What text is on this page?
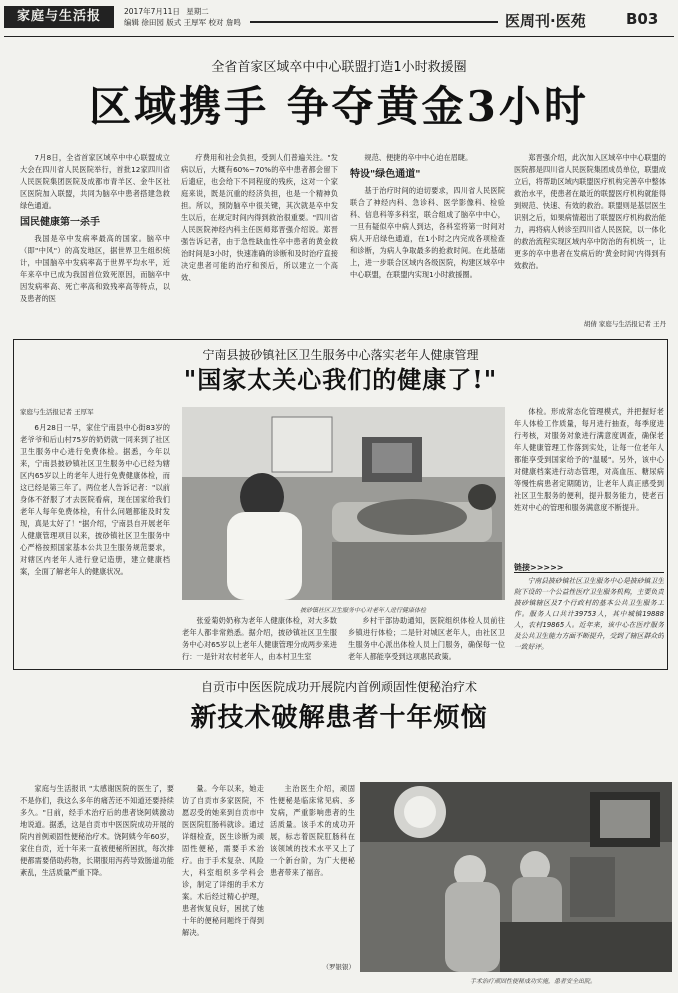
家庭与生活报	2017年7月11日 星期二
编辑 徐田园 版式 王厚军 校对 詹鸣	医周刊·医苑	B03
全省首家区域卒中中心联盟打造1小时救援圈
区域携手 争夺黄金3小时

7月8日，全省首家区域卒中中心联盟成立大会在四川省人民医院举行，首批12家四川省人民医院集团医院及成都市青羊区、金牛区社区医院加入联盟，共同为脑卒中患者搭建急救绿色通道。

国民健康第一杀手

我国是卒中发病率最高的国家。脑卒中（即"中风"）的高发地区，据世界卫生组织统计，中国脑卒中发病率高于世界平均水平，近年来卒中已成为我国首位致死原因，而脑卒中因发病率高、死亡率高和致残率高等特点，以及患者的医

疗费用和社会负担，受到人们普遍关注。"发病以后，大概有60%~70%的卒中患者都会留下后遗症，也会给下不同程度的残疾，这对一个家庭来说，既是沉重的经济负担，也是一个精神负担。所以，预防脑卒中很关键，其次就是卒中发生以后，在规定时间内得到救治很重要。"四川省人民医院神经内科主任医师郑晋强介绍说。郑晋强告诉记者，由于急性缺血性卒中患者的黄金救治时间是3小时，快速准确的诊断和及时治疗直接决定患者可能的治疗和预后，所以建立一个高效、

规范、便捷的卒中中心迫在眉睫。

特设"绿色通道"

基于治疗时间的迫切要求，四川省人民医院联合了神经内科、急诊科、医学影像科、检验科、信息科等多科室，联合组成了脑卒中中心，一旦有疑似卒中病人到达，各科室将第一时间对病人开启绿色通道，在1小时之内完成各项检查和诊断，为病人争取最多的抢救时间。在此基础上，进一步联合区域内各级医院，构建区域卒中中心联盟，在联盟内实现1小时救援圈。

郑晋强介绍，此次加入区域卒中中心联盟的医院都是四川省人民医院集团成员单位，联盟成立后，将帮助区域内联盟医疗机构完善卒中整体救治水平，使患者在最近的联盟医疗机构就能得到规范、快速、有效的救治。联盟则是基层医生识别之后，如果病情超出了联盟医疗机构救治能力，再将病人转诊至四川省人民医院，以一体化的救治流程实现区域内卒中防治的有机统一，让更多的卒中患者在发病后的'黄金时间'内得到有效救治。

胡倩 家庭与生活报记者 王丹
宁南县披砂镇社区卫生服务中心落实老年人健康管理
"国家太关心我们的健康了!"
家庭与生活报记者 王厚军

6月28日一早，家住宁南县中心街83岁的老爷爷和后山村75岁的奶奶就一同来到了社区卫生服务中心进行免费体检。据悉，今年以来，宁南县披砂镇社区卫生服务中心已经为辖区内65岁以上的老年人进行免费健康体检，而这已经是第三年了。两位老人告诉记者："以前身体不舒服了才去医院看病，现在国家给我们老年人每年免费体检，有什么问题都能及时发现，真是太好了！"据介绍，宁南县自开展老年人健康管理项目以来，披砂镇社区卫生服务中心严格按照国家基本公共卫生服务规范要求，对辖区内老年人进行登记造册，建立健康档案，全面了解老年人的健康状况。

披砂镇社区卫生服务中心对老年人进行健康体检

张爱菊奶奶称为老年人健康体检，对大多数老年人都非常熟悉。据介绍，披砂镇社区卫生服务中心对65岁以上老年人健康管理分成两步来进行：一是针对农村老年人，由本村卫生室

乡村干部协助通知，医院组织体检人员前往乡镇进行体检；二是针对城区老年人，由社区卫生服务中心派出体检人员上门服务，确保每一位老年人都能享受到这项惠民政策。

体检。形成常态化管理模式，并把握好老年人体检工作质量，每月进行抽查，每季度进行考核，对服务对象进行满意度调查，确保老年人健康管理工作落到实处，让每一位老年人都能享受到国家给予的"温暖"。另外，该中心对健康档案进行动态管理，对高血压、糖尿病等慢性病患者定期随访，让老年人真正感受到社区卫生服务的便利，提升服务能力，使老百姓对中心的管理和服务满意度不断提升。

链接>>>>>

宁南县披砂镇社区卫生服务中心是披砂镇卫生院下设的一个公益性医疗卫生服务机构，主要负责披砂镇辖区及7个行政村的基本公共卫生服务工作。服务人口共计39753人，其中城镇19888人，农村19865人。近年来，该中心在医疗服务及公共卫生能力方面不断提升，受到了辖区群众的一致好评。

自贡市中医医院成功开展院内首例顽固性便秘治疗术
新技术破解患者十年烦恼

家庭与生活报讯 "太感谢医院的医生了，要不是你们，我这么多年的痛苦还不知道还要持续多久。"日前，经手术治疗后的患者饶阿姨激动地说道。据悉，这是自贡市中医医院成功开展的院内首例顽固性便秘治疗术。饶阿姨今年60岁，家住自贡，近十年来一直被便秘所困扰，每次排便都需要借助药物，长期服用泻药导致肠道功能紊乱，生活质量严重下降。

量。今年以来，她走访了自贡市多家医院，不愿忍受的她来到自贡市中医医院肛肠科就诊。通过详细检查，医生诊断为顽固性便秘，需要手术治疗。由于手术复杂、风险大，科室组织多学科会诊，制定了详细的手术方案。术后经过精心护理，患者恢复良好，困扰了她十年的便秘问题终于得到解决。

主治医生介绍，顽固性便秘是临床常见病、多发病，严重影响患者的生活质量。该手术的成功开展，标志着医院肛肠科在该领域的技术水平又上了一个新台阶，为广大便秘患者带来了福音。

（罗银银）
手术治疗顽固性便秘成功实施，患者安全出院。
